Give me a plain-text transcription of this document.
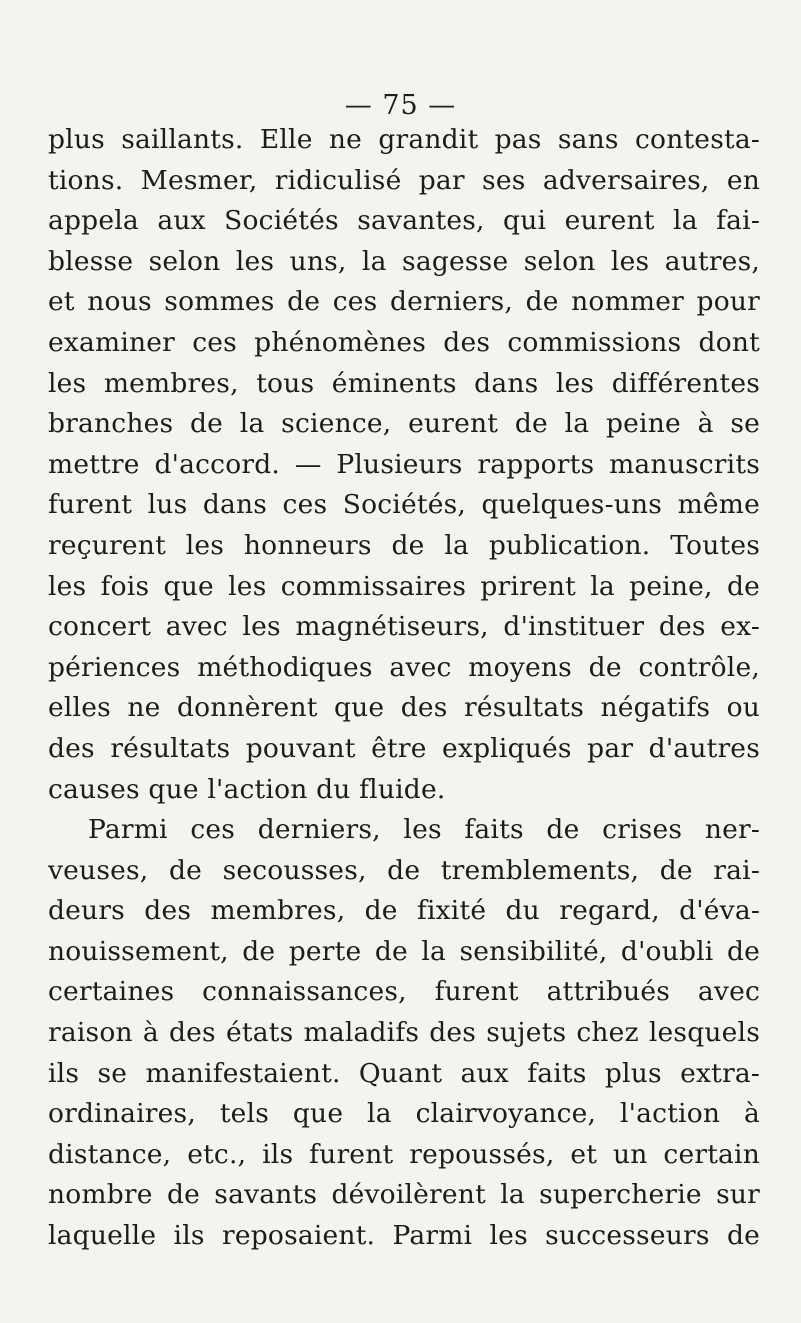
— 75 —
plus saillants. Elle ne grandit pas sans contesta-
tions. Mesmer, ridiculisé par ses adversaires, en
appela aux Sociétés savantes, qui eurent la fai-
blesse selon les uns, la sagesse selon les autres,
et nous sommes de ces derniers, de nommer pour
examiner ces phénomènes des commissions dont
les membres, tous éminents dans les différentes
branches de la science, eurent de la peine à se
mettre d'accord. — Plusieurs rapports manuscrits
furent lus dans ces Sociétés, quelques-uns même
reçurent les honneurs de la publication. Toutes
les fois que les commissaires prirent la peine, de
concert avec les magnétiseurs, d'instituer des ex-
périences méthodiques avec moyens de contrôle,
elles ne donnèrent que des résultats négatifs ou
des résultats pouvant être expliqués par d'autres
causes que l'action du fluide.
Parmi ces derniers, les faits de crises ner-
veuses, de secousses, de tremblements, de rai-
deurs des membres, de fixité du regard, d'éva-
nouissement, de perte de la sensibilité, d'oubli de
certaines connaissances, furent attribués avec
raison à des états maladifs des sujets chez lesquels
ils se manifestaient. Quant aux faits plus extra-
ordinaires, tels que la clairvoyance, l'action à
distance, etc., ils furent repoussés, et un certain
nombre de savants dévoilèrent la supercherie sur
laquelle ils reposaient. Parmi les successeurs de
